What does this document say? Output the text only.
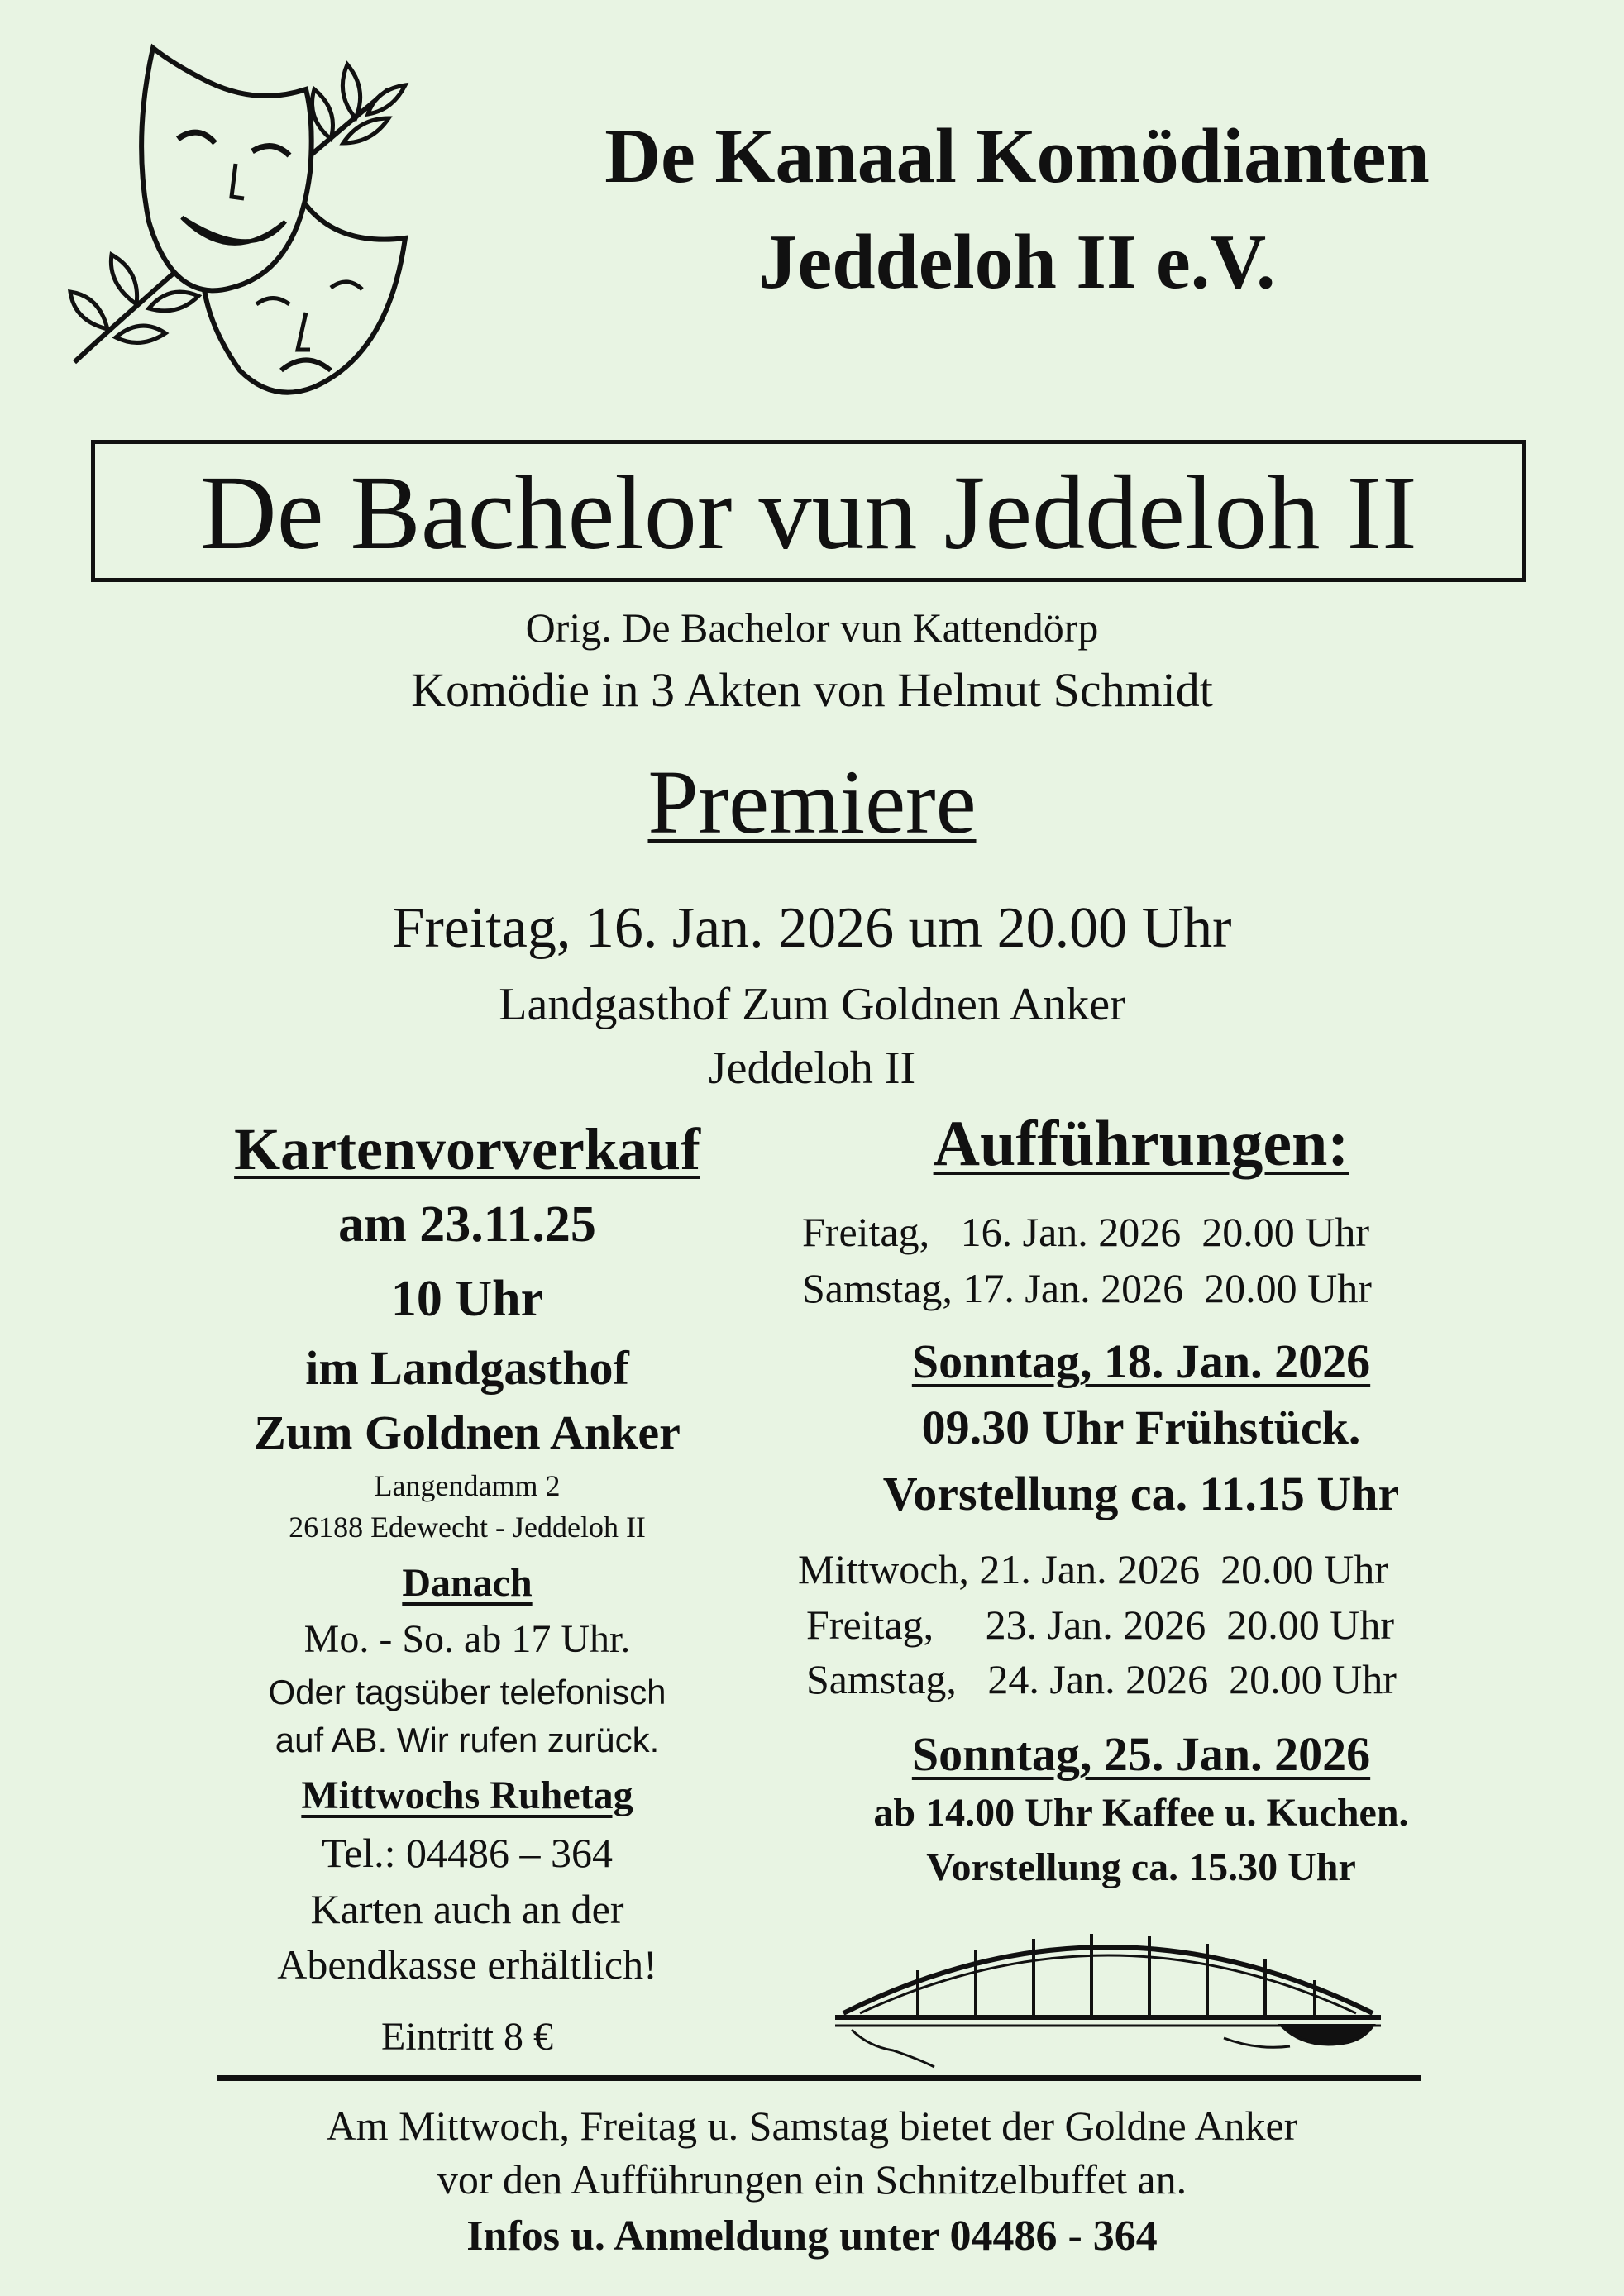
De Kanaal Komödianten
Jeddeloh II e.V.
De Bachelor vun Jeddeloh II
Orig. De Bachelor vun Kattendörp
Komödie in 3 Akten von Helmut Schmidt
Premiere
Freitag, 16. Jan. 2026 um 20.00 Uhr
Landgasthof Zum Goldnen Anker
Jeddeloh II
Kartenvorverkauf
am 23.11.25
10 Uhr
im Landgasthof
Zum Goldnen Anker
Langendamm 2
26188 Edewecht - Jeddeloh II
Danach
Mo. - So. ab 17 Uhr.
Oder tagsüber telefonisch
auf AB. Wir rufen zurück.
Mittwochs Ruhetag
Tel.: 04486 – 364
Karten auch an der
Abendkasse erhältlich!
Eintritt 8 €
Aufführungen:
Freitag,   16. Jan. 2026  20.00 Uhr
Samstag, 17. Jan. 2026  20.00 Uhr
Sonntag, 18. Jan. 2026
09.30 Uhr Frühstück.
Vorstellung ca. 11.15 Uhr
Mittwoch, 21. Jan. 2026  20.00 Uhr
Freitag,     23. Jan. 2026  20.00 Uhr
Samstag,   24. Jan. 2026  20.00 Uhr
Sonntag, 25. Jan. 2026
ab 14.00 Uhr Kaffee u. Kuchen.
Vorstellung ca. 15.30 Uhr
Am Mittwoch, Freitag u. Samstag bietet der Goldne Anker
vor den Aufführungen ein Schnitzelbuffet an.
Infos u. Anmeldung unter 04486 - 364
